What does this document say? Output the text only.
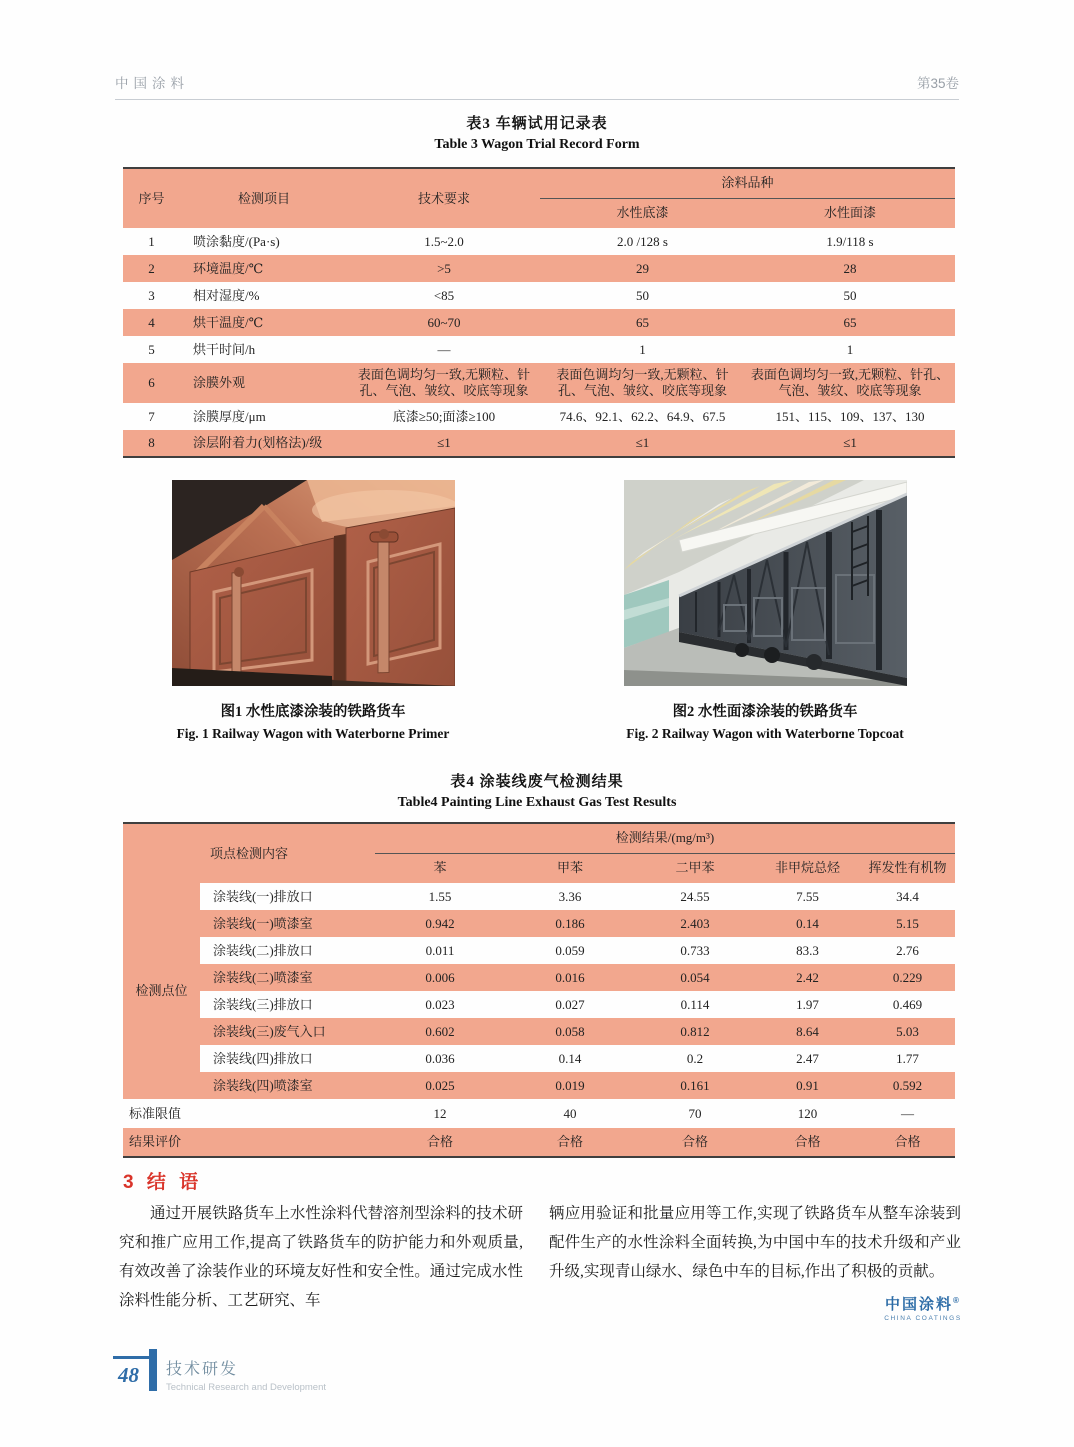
中国涂料	第35卷
表3 车辆试用记录表
Table 3 Wagon Trial Record Form
序号	检测项目	技术要求	涂料品种	
			水性底漆	水性面漆
1	喷涂黏度/(Pa·s)	1.5~2.0	2.0 /128 s	1.9/118 s
2	环境温度/℃	>5	29	28
3	相对湿度/%	<85	50	50
4	烘干温度/℃	60~70	65	65
5	烘干时间/h	—	1	1
6	涂膜外观	表面色调均匀一致,无颗粒、针孔、气泡、皱纹、咬底等现象	表面色调均匀一致,无颗粒、针孔、气泡、皱纹、咬底等现象	表面色调均匀一致,无颗粒、针孔、气泡、皱纹、咬底等现象
7	涂膜厚度/μm	底漆≥50;面漆≥100	74.6、92.1、62.2、64.9、67.5	151、115、109、137、130
8	涂层附着力(划格法)/级	≤1	≤1	≤1
图1 水性底漆涂装的铁路货车
Fig. 1 Railway Wagon with Waterborne Primer
图2 水性面漆涂装的铁路货车
Fig. 2 Railway Wagon with Waterborne Topcoat
表4 涂装线废气检测结果
Table4 Painting Line Exhaust Gas Test Results
项点检测内容		检测结果/(mg/m³)				
		苯	甲苯	二甲苯	非甲烷总烃	挥发性有机物
检测点位	涂装线(一)排放口	1.55	3.36	24.55	7.55	34.4
	涂装线(一)喷漆室	0.942	0.186	2.403	0.14	5.15
	涂装线(二)排放口	0.011	0.059	0.733	83.3	2.76
	涂装线(二)喷漆室	0.006	0.016	0.054	2.42	0.229
	涂装线(三)排放口	0.023	0.027	0.114	1.97	0.469
	涂装线(三)废气入口	0.602	0.058	0.812	8.64	5.03
	涂装线(四)排放口	0.036	0.14	0.2	2.47	1.77
	涂装线(四)喷漆室	0.025	0.019	0.161	0.91	0.592
标准限值		12	40	70	120	—
结果评价		合格	合格	合格	合格	合格
3 结 语
通过开展铁路货车上水性涂料代替溶剂型涂料的技术研究和推广应用工作,提高了铁路货车的防护能力和外观质量,有效改善了涂装作业的环境友好性和安全性。通过完成水性涂料性能分析、工艺研究、车
辆应用验证和批量应用等工作,实现了铁路货车从整车涂装到配件生产的水性涂料全面转换,为中国中车的技术升级和产业升级,实现青山绿水、绿色中车的目标,作出了积极的贡献。
中国涂料®
CHINA COATINGS
48	技术研发
Technical Research and Development
